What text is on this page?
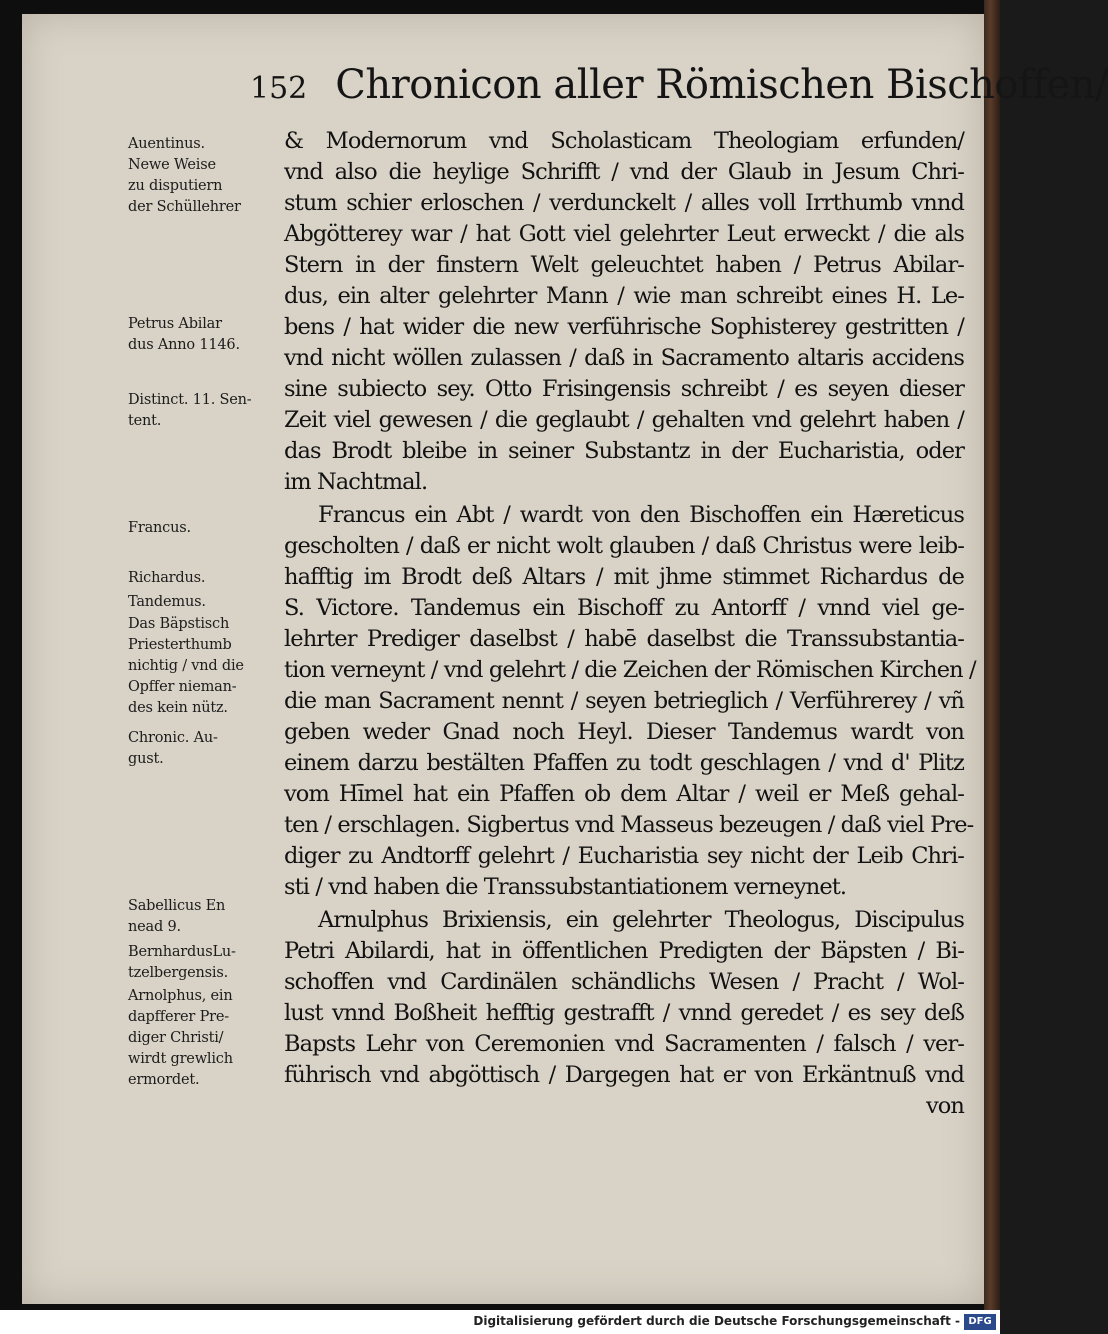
152 Chronicon aller Römischen Bischoffen/
Auentinus.
Newe Weise
zu disputiern
der Schüllehrer
Petrus Abilar
dus Anno 1146.
Distinct. 11. Sen-
tent.
Francus.
Richardus.
Tandemus.
Das Bäpstisch
Priesterthumb
nichtig / vnd die
Opffer nieman-
des kein nütz.
Chronic. Au-
gust.
Sabellicus En
nead 9.
BernhardusLu-
tzelbergensis.
Arnolphus, ein
dapfferer Pre-
diger Christi/
wirdt grewlich
ermordet.
& Modernorum vnd Scholasticam Theologiam erfunden/
vnd also die heylige Schrifft / vnd der Glaub in Jesum Chri-
stum schier erloschen / verdunckelt / alles voll Irrthumb vnnd
Abgötterey war / hat Gott viel gelehrter Leut erweckt / die als
Stern in der finstern Welt geleuchtet haben / Petrus Abilar-
dus, ein alter gelehrter Mann / wie man schreibt eines H. Le-
bens / hat wider die new verführische Sophisterey gestritten /
vnd nicht wöllen zulassen / daß in Sacramento altaris accidens
sine subiecto sey. Otto Frisingensis schreibt / es seyen dieser
Zeit viel gewesen / die geglaubt / gehalten vnd gelehrt haben /
das Brodt bleibe in seiner Substantz in der Eucharistia, oder
im Nachtmal.
Francus ein Abt / wardt von den Bischoffen ein Hæreticus
gescholten / daß er nicht wolt glauben / daß Christus were leib-
hafftig im Brodt deß Altars / mit jhme stimmet Richardus de
S. Victore. Tandemus ein Bischoff zu Antorff / vnnd viel ge-
lehrter Prediger daselbst / habē daselbst die Transsubstantia-
tion verneynt / vnd gelehrt / die Zeichen der Römischen Kirchen /
die man Sacrament nennt / seyen betrieglich / Verführerey / vñ
geben weder Gnad noch Heyl. Dieser Tandemus wardt von
einem darzu bestälten Pfaffen zu todt geschlagen / vnd d' Plitz
vom Hīmel hat ein Pfaffen ob dem Altar / weil er Meß gehal-
ten / erschlagen. Sigbertus vnd Masseus bezeugen / daß viel Pre-
diger zu Andtorff gelehrt / Eucharistia sey nicht der Leib Chri-
sti / vnd haben die Transsubstantiationem verneynet.
Arnulphus Brixiensis, ein gelehrter Theologus, Discipulus
Petri Abilardi, hat in öffentlichen Predigten der Bäpsten / Bi-
schoffen vnd Cardinälen schändlichs Wesen / Pracht / Wol-
lust vnnd Boßheit hefftig gestrafft / vnnd geredet / es sey deß
Bapsts Lehr von Ceremonien vnd Sacramenten / falsch / ver-
führisch vnd abgöttisch / Dargegen hat er von Erkäntnuß vnd
von
Digitalisierung gefördert durch die Deutsche Forschungsgemeinschaft - DFG
